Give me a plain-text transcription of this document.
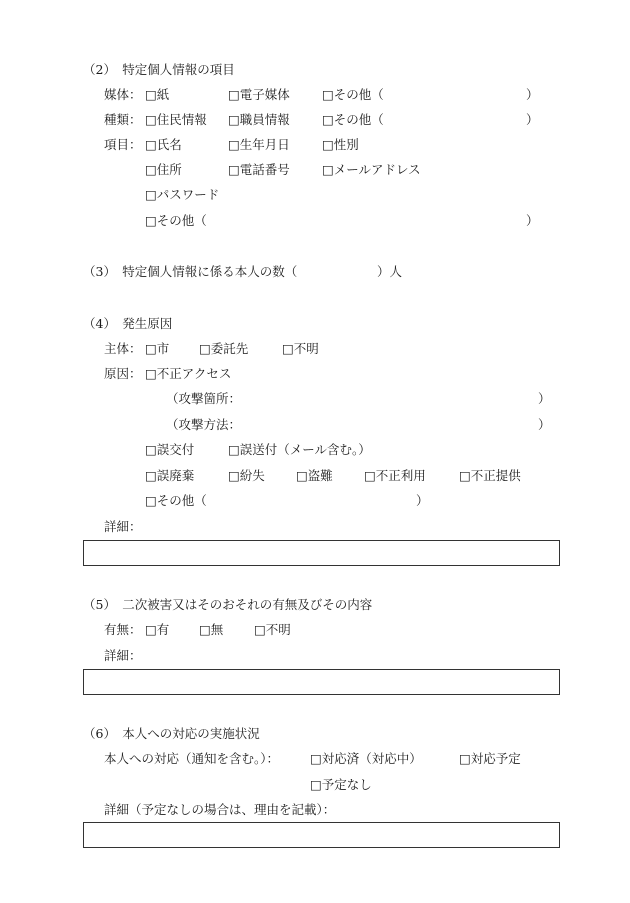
（2）　特定個人情報の項目
媒体： □紙	□電子媒体	□その他（	）
種類： □住民情報 □職員情報	□その他（	）
項目： □氏名	□生年月日	□性別
□住所	□電話番号	□メールアドレス
□パスワード
□その他（	）
（3）　特定個人情報に係る本人の数（	）人
（4）　発生原因
主体： □市 □委託先	□不明
原因： □不正アクセス
（攻撃箇所：	）
（攻撃方法：	）
□誤交付	□誤送付（メール含む。）
□誤廃棄	□紛失 □盗難 □不正利用	□不正提供
□その他（	）
詳細：
（5）　二次被害又はそのおそれの有無及びその内容
有無： □有 □無 □不明
詳細：
（6）　本人への対応の実施状況
本人への対応（通知を含む。）： □対応済（対応中）	□対応予定
□予定なし
詳細（予定なしの場合は、理由を記載）：
